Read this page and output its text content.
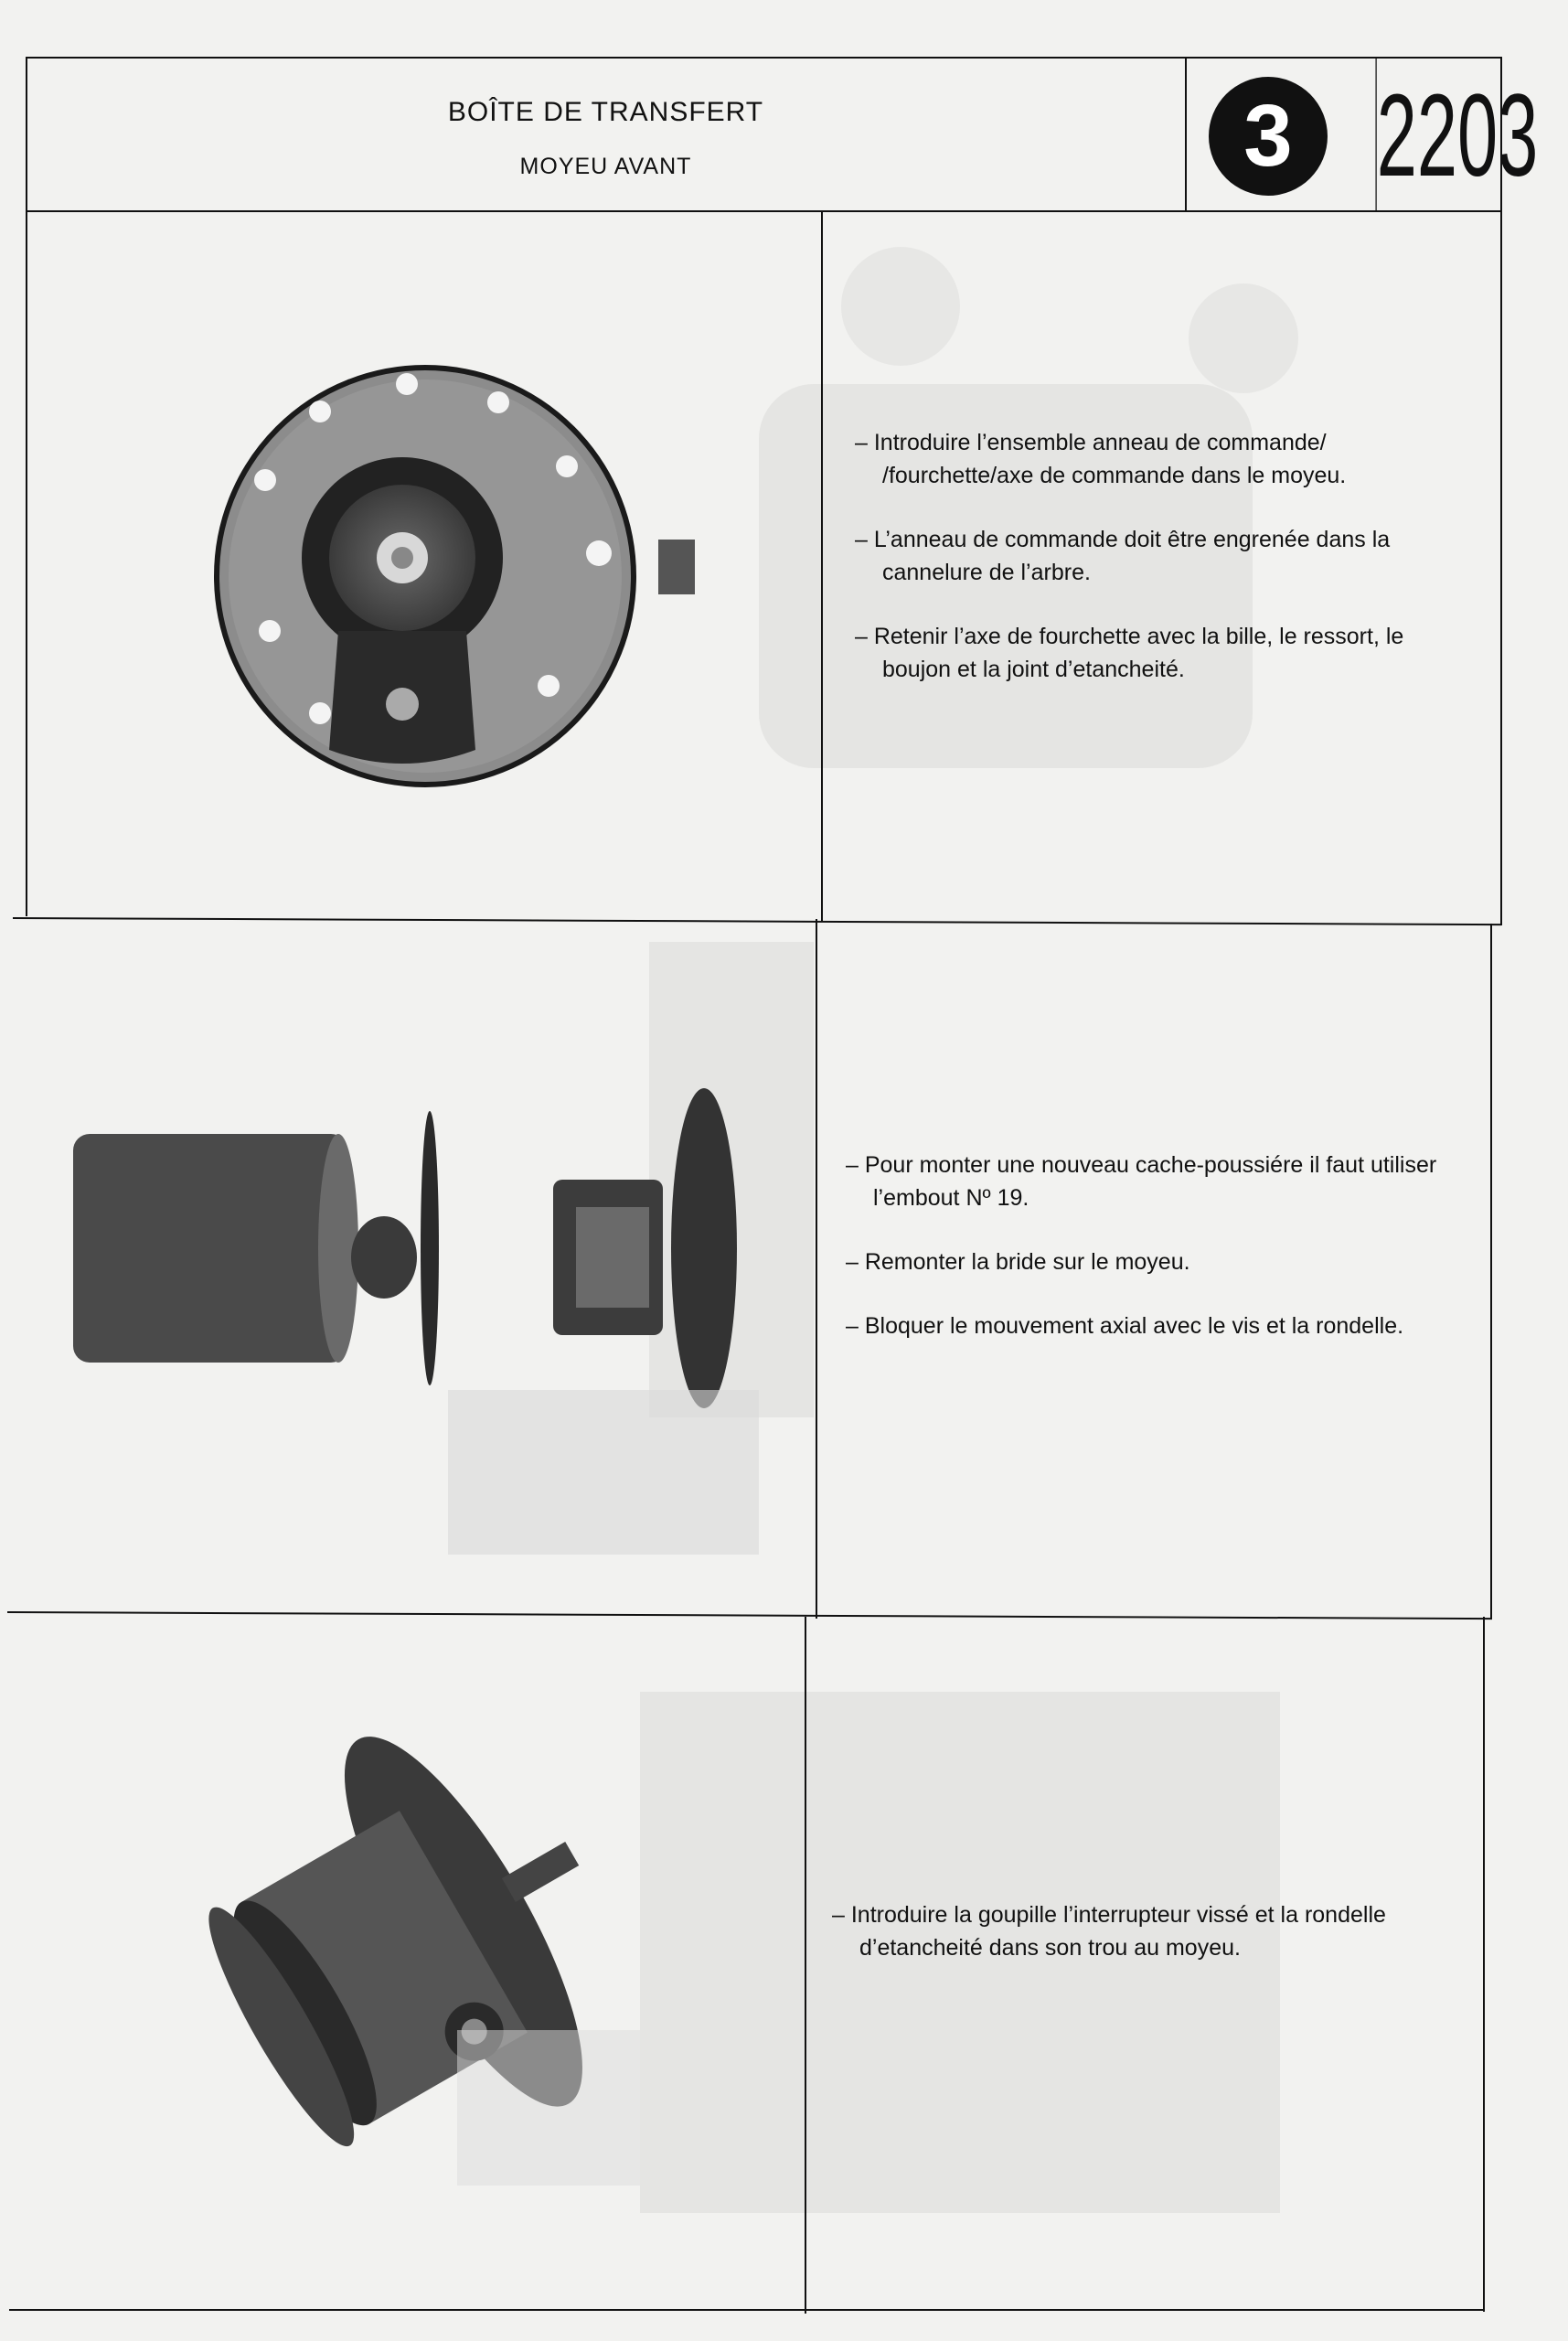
BOÎTE DE TRANSFERT
MOYEU AVANT	3 2203

– Introduire l’ensemble anneau de commande/ /fourchette/axe de commande dans le moyeu.

– L’anneau de commande doit être engrenée dans la cannelure de l’arbre.

– Retenir l’axe de fourchette avec la bille, le ressort, le boujon et la joint d’etancheité.

– Pour monter une nouveau cache-poussiére il faut utiliser l’embout Nº 19.

– Remonter la bride sur le moyeu.

– Bloquer le mouvement axial avec le vis et la rondelle.

– Introduire la goupille l’interrupteur vissé et la rondelle d’etancheité dans son trou au moyeu.
